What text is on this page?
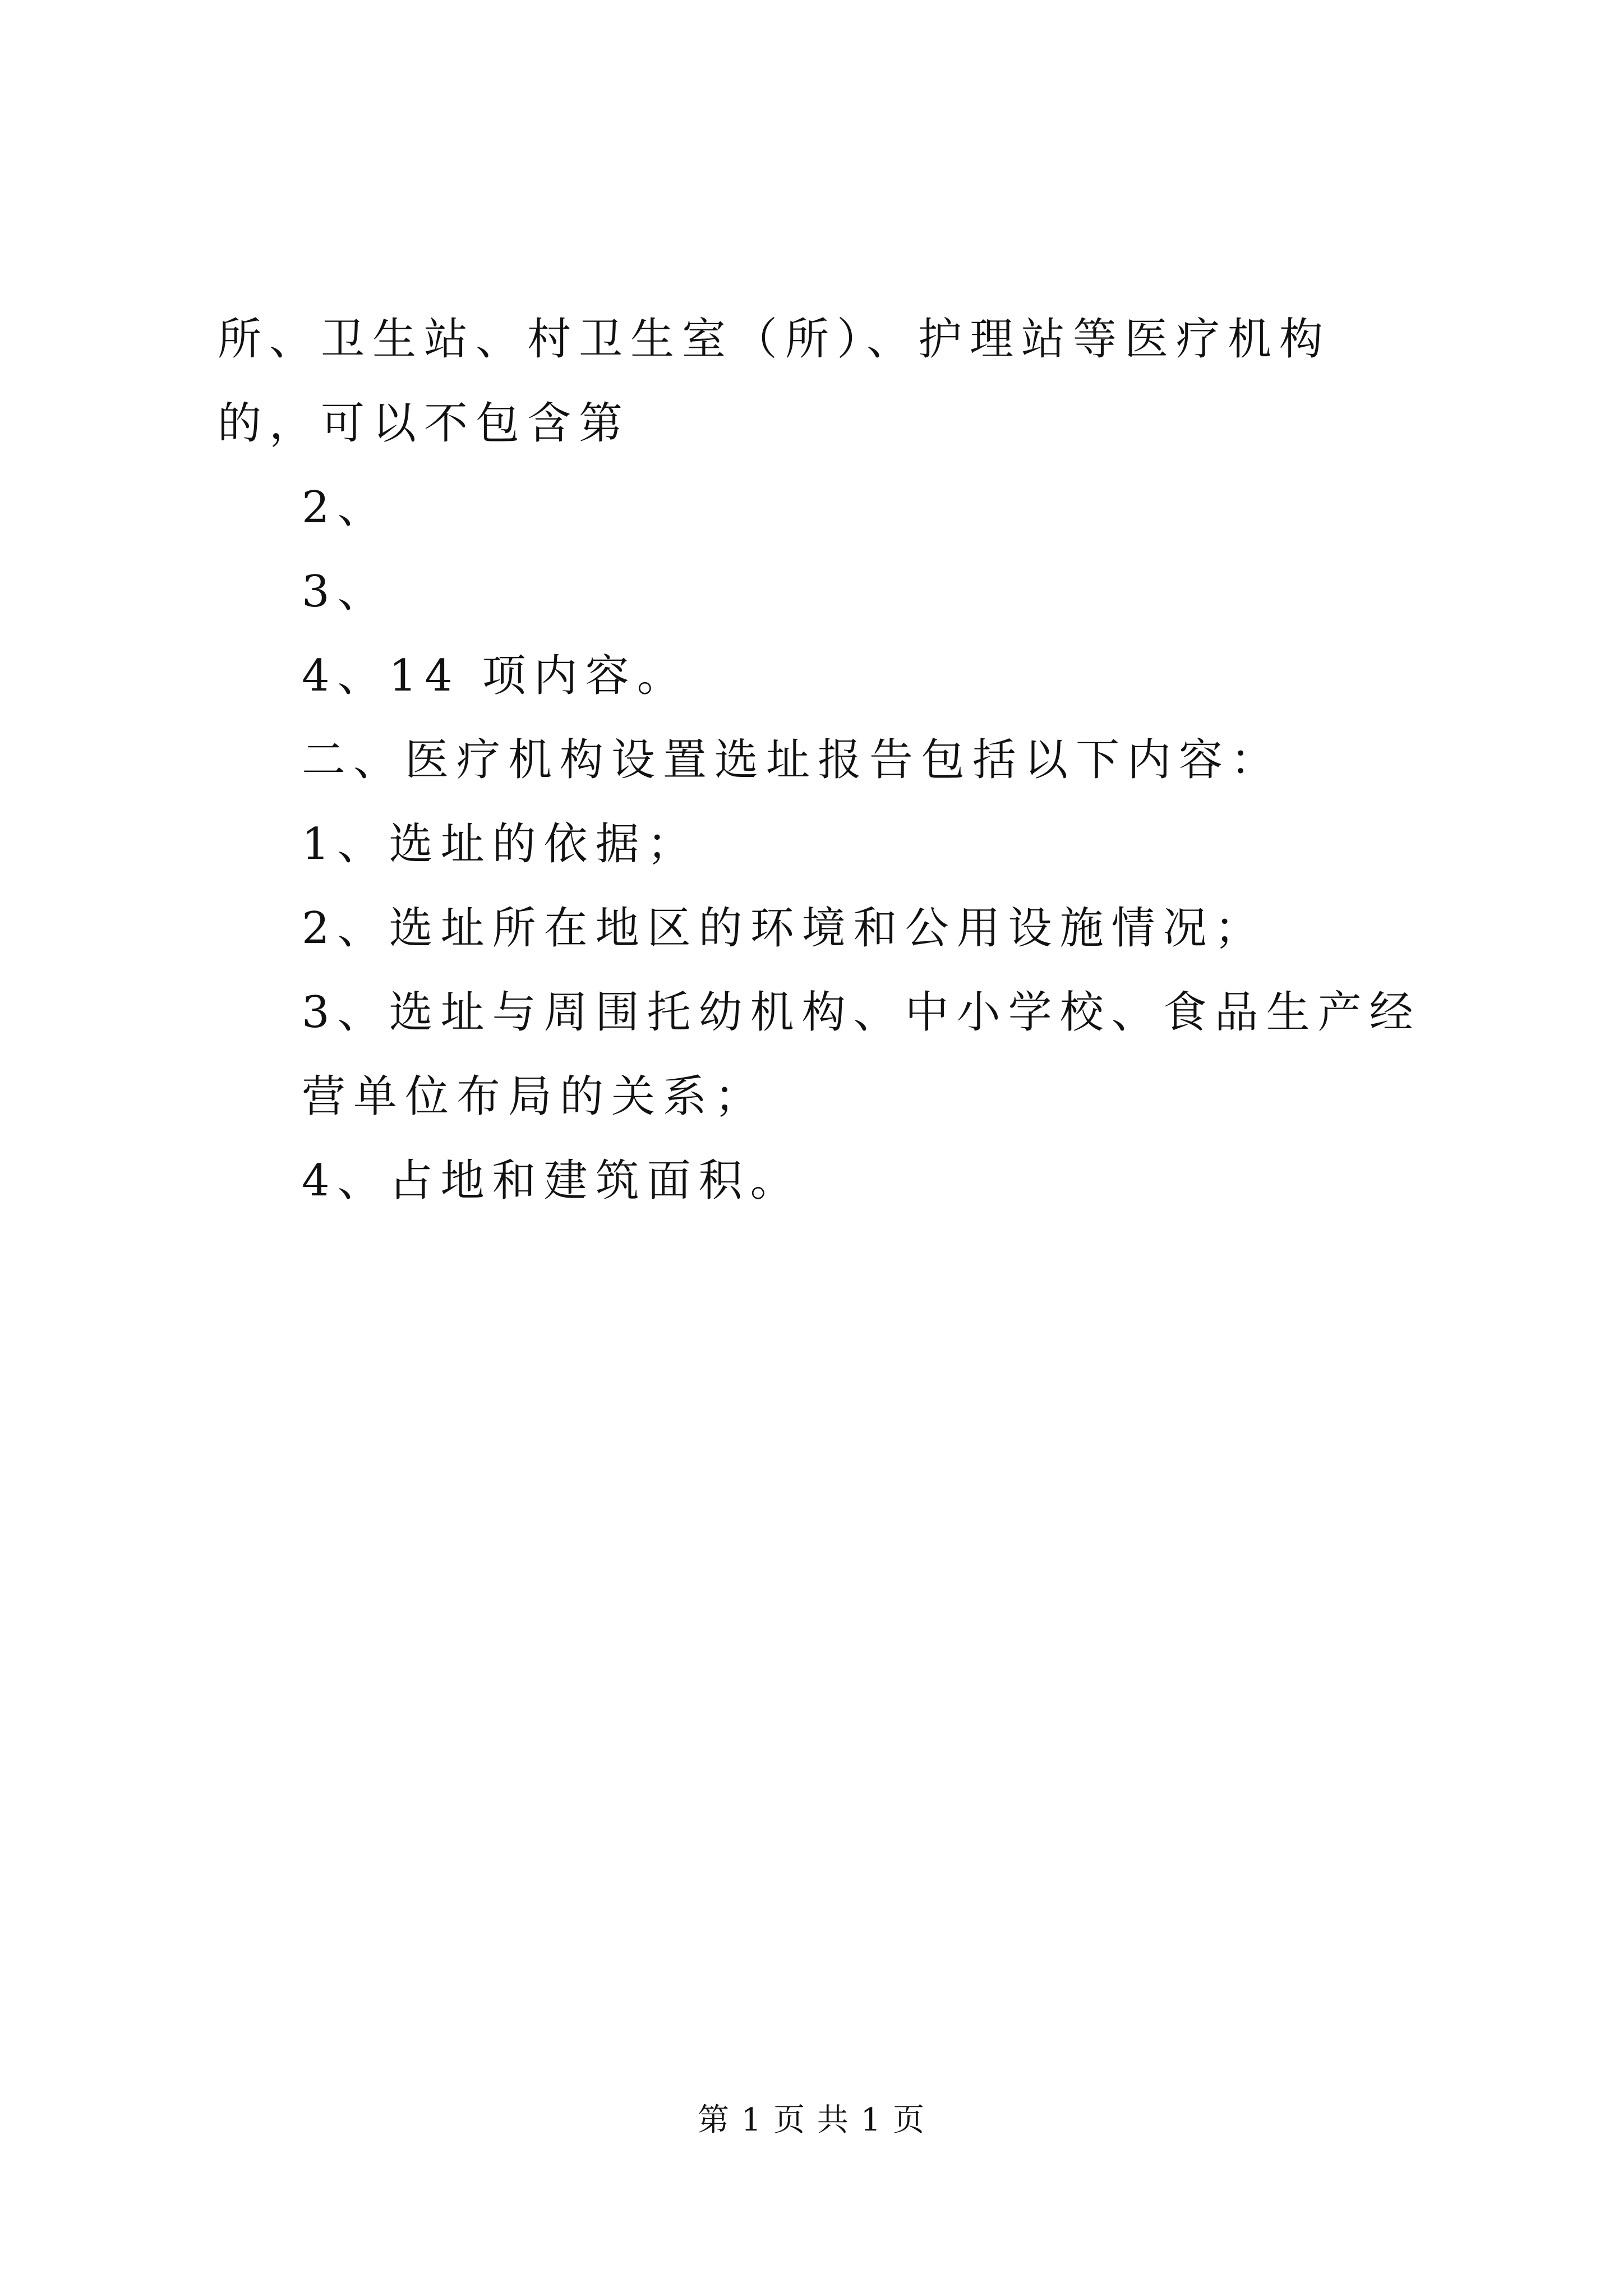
所、卫生站、村卫生室（所）、护理站等医疗机构的，可以不包含第

2、

3、

4、14 项内容。

二、医疗机构设置选址报告包括以下内容：

1、选址的依据；

2、选址所在地区的环境和公用设施情况；

3、选址与周围托幼机构、中小学校、食品生产经营单位布局的关系；

4、占地和建筑面积。

第 1 页 共 1 页
